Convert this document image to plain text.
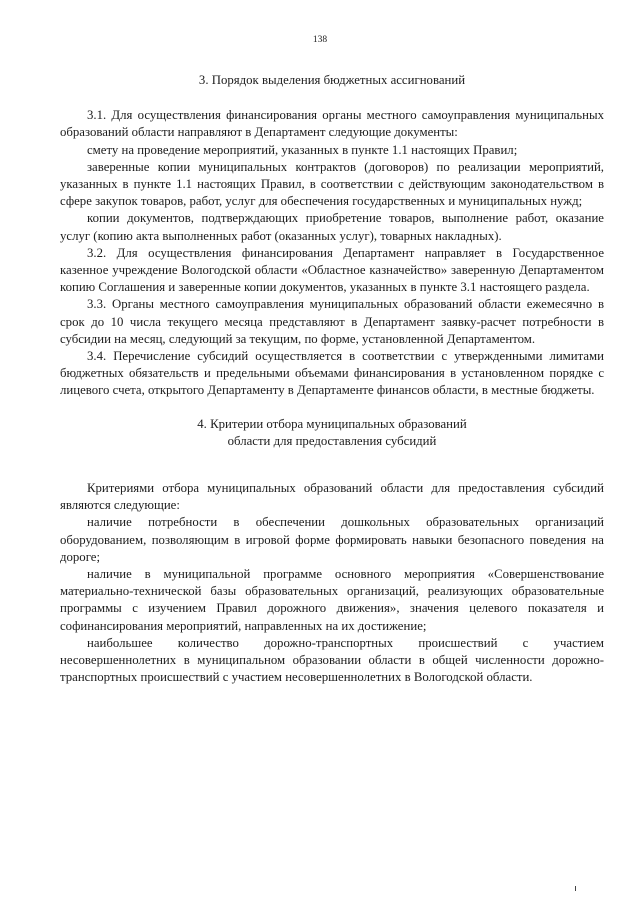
138
3. Порядок выделения бюджетных ассигнований

3.1. Для осуществления финансирования органы местного самоуправления муниципальных образований области направляют в Департамент следующие документы:

смету на проведение мероприятий, указанных в пункте 1.1 настоящих Правил;

заверенные копии муниципальных контрактов (договоров) по реализации мероприятий, указанных в пункте 1.1 настоящих Правил, в соответствии с действующим законодательством в сфере закупок товаров, работ, услуг для обеспечения государственных и муниципальных нужд;

копии документов, подтверждающих приобретение товаров, выполнение работ, оказание услуг (копию акта выполненных работ (оказанных услуг), товарных накладных).

3.2. Для осуществления финансирования Департамент направляет в Государственное казенное учреждение Вологодской области «Областное казначейство» заверенную Департаментом копию Соглашения и заверенные копии документов, указанных в пункте 3.1 настоящего раздела.

3.3. Органы местного самоуправления муниципальных образований области ежемесячно в срок до 10 числа текущего месяца представляют в Департамент заявку-расчет потребности в субсидии на месяц, следующий за текущим, по форме, установленной Департаментом.

3.4. Перечисление субсидий осуществляется в соответствии с утвержденными лимитами бюджетных обязательств и предельными объемами финансирования в установленном порядке с лицевого счета, открытого Департаменту в Департаменте финансов области, в местные бюджеты.

4. Критерии отбора муниципальных образований
области для предоставления субсидий

Критериями отбора муниципальных образований области для предоставления субсидий являются следующие:

наличие потребности в обеспечении дошкольных образовательных организаций оборудованием, позволяющим в игровой форме формировать навыки безопасного поведения на дороге;

наличие в муниципальной программе основного мероприятия «Совершенствование материально-технической базы образовательных организаций, реализующих образовательные программы с изучением Правил дорожного движения», значения целевого показателя и софинансирования мероприятий, направленных на их достижение;

наибольшее количество дорожно-транспортных происшествий с участием несовершеннолетних в муниципальном образовании области в общей численности дорожно-транспортных происшествий с участием несовершеннолетних в Вологодской области.
